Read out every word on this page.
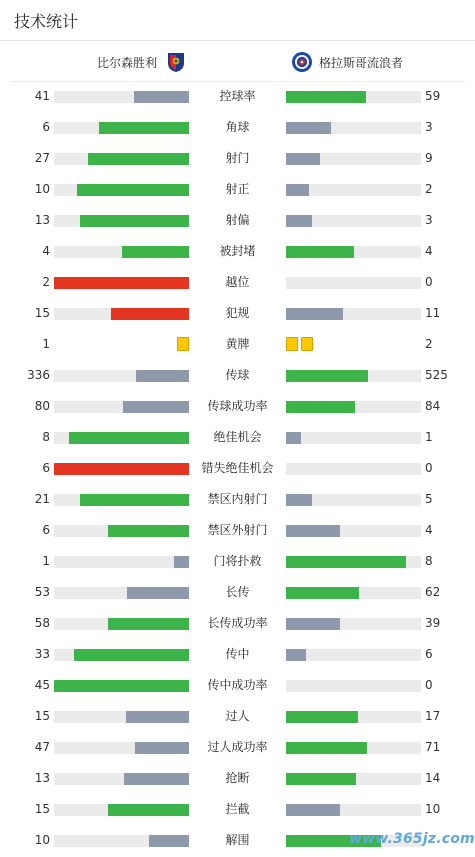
技术统计
比尔森胜利	格拉斯哥流浪者
41	控球率	59
6	角球	3
27	射门	9
10	射正	2
13	射偏	3
4	被封堵	4
2	越位	0
15	犯规	11
1	黄牌	2
336	传球	525
80	传球成功率	84
8	绝佳机会	1
6	错失绝佳机会	0
21	禁区内射门	5
6	禁区外射门	4
1	门将扑救	8
53	长传	62
58	长传成功率	39
33	传中	6
45	传中成功率	0
15	过人	17
47	过人成功率	71
13	抢断	14
15	拦截	10
10	解围	www.365jz.com
